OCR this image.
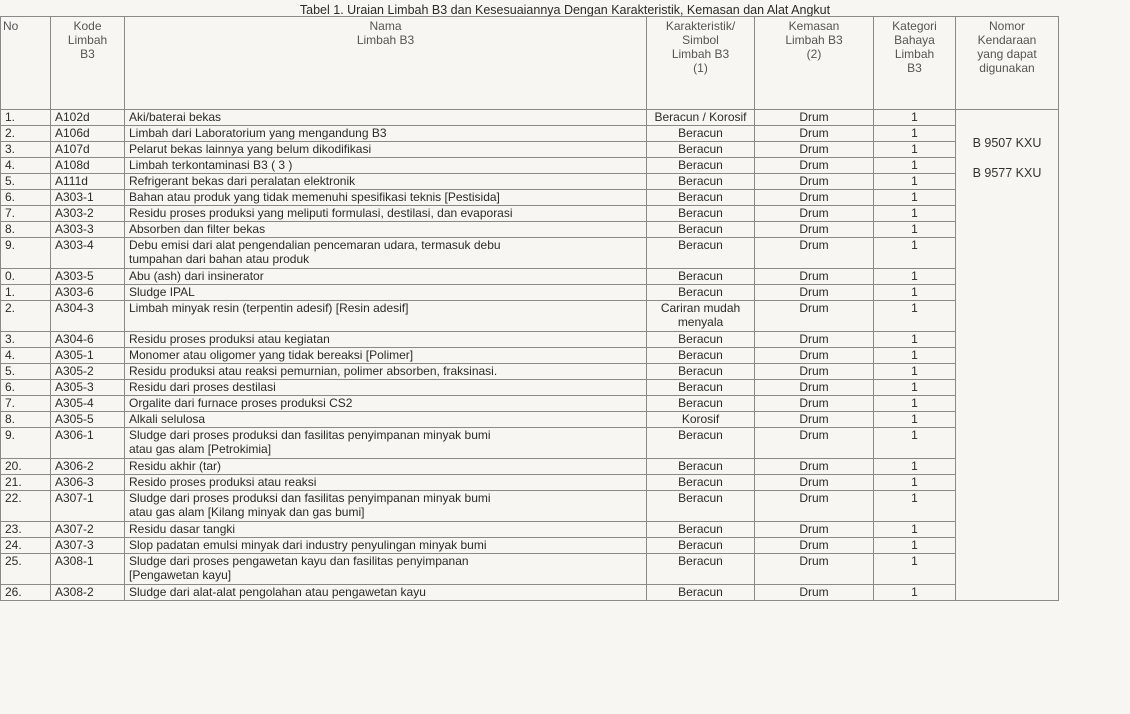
Tabel 1. Uraian Limbah B3 dan Kesesuaiannya Dengan Karakteristik, Kemasan dan Alat Angkut
No	Kode
Limbah
B3	Nama
Limbah B3	Karakteristik/
Simbol
Limbah B3
(1)	Kemasan
Limbah B3
(2)	Kategori
Bahaya
Limbah
B3	Nomor
Kendaraan
yang dapat
digunakan

1.	A102d	Aki/baterai bekas	Beracun / Korosif	Drum	1	B 9507 KXU
B 9577 KXU

2.	A106d	Limbah dari Laboratorium yang mengandung B3	Beracun	Drum	1	
3.	A107d	Pelarut bekas lainnya yang belum dikodifikasi	Beracun	Drum	1	
4.	A108d	Limbah terkontaminasi B3 ( 3 )	Beracun	Drum	1	
5.	A111d	Refrigerant bekas dari peralatan elektronik	Beracun	Drum	1	
6.	A303-1	Bahan atau produk yang tidak memenuhi spesifikasi teknis [Pestisida]	Beracun	Drum	1	
7.	A303-2	Residu proses produksi yang meliputi formulasi, destilasi, dan evaporasi	Beracun	Drum	1	
8.	A303-3	Absorben dan filter bekas	Beracun	Drum	1	
9.	A303-4	Debu emisi dari alat pengendalian pencemaran udara, termasuk debu
tumpahan dari bahan atau produk	Beracun	Drum	1	
0.	A303-5	Abu (ash) dari insinerator	Beracun	Drum	1	
1.	A303-6	Sludge IPAL	Beracun	Drum	1	
2.	A304-3	Limbah minyak resin (terpentin adesif) [Resin adesif]	Cariran mudah
menyala	Drum	1	
3.	A304-6	Residu proses produksi atau kegiatan	Beracun	Drum	1	
4.	A305-1	Monomer atau oligomer yang tidak bereaksi [Polimer]	Beracun	Drum	1	
5.	A305-2	Residu produksi atau reaksi pemurnian, polimer absorben, fraksinasi.	Beracun	Drum	1	
6.	A305-3	Residu dari proses destilasi	Beracun	Drum	1	
7.	A305-4	Orgalite dari furnace proses produksi CS2	Beracun	Drum	1	
8.	A305-5	Alkali selulosa	Korosif	Drum	1	
9.	A306-1	Sludge dari proses produksi dan fasilitas penyimpanan minyak bumi
atau gas alam [Petrokimia]	Beracun	Drum	1	
20.	A306-2	Residu akhir (tar)	Beracun	Drum	1	
21.	A306-3	Resido proses produksi atau reaksi	Beracun	Drum	1	
22.	A307-1	Sludge dari proses produksi dan fasilitas penyimpanan minyak bumi
atau gas alam [Kilang minyak dan gas bumi]	Beracun	Drum	1	
23.	A307-2	Residu dasar tangki	Beracun	Drum	1	
24.	A307-3	Slop padatan emulsi minyak dari industry penyulingan minyak bumi	Beracun	Drum	1	
25.	A308-1	Sludge dari proses pengawetan kayu dan fasilitas penyimpanan
[Pengawetan kayu]	Beracun	Drum	1	
26.	A308-2	Sludge dari alat-alat pengolahan atau pengawetan kayu	Beracun	Drum	1	
